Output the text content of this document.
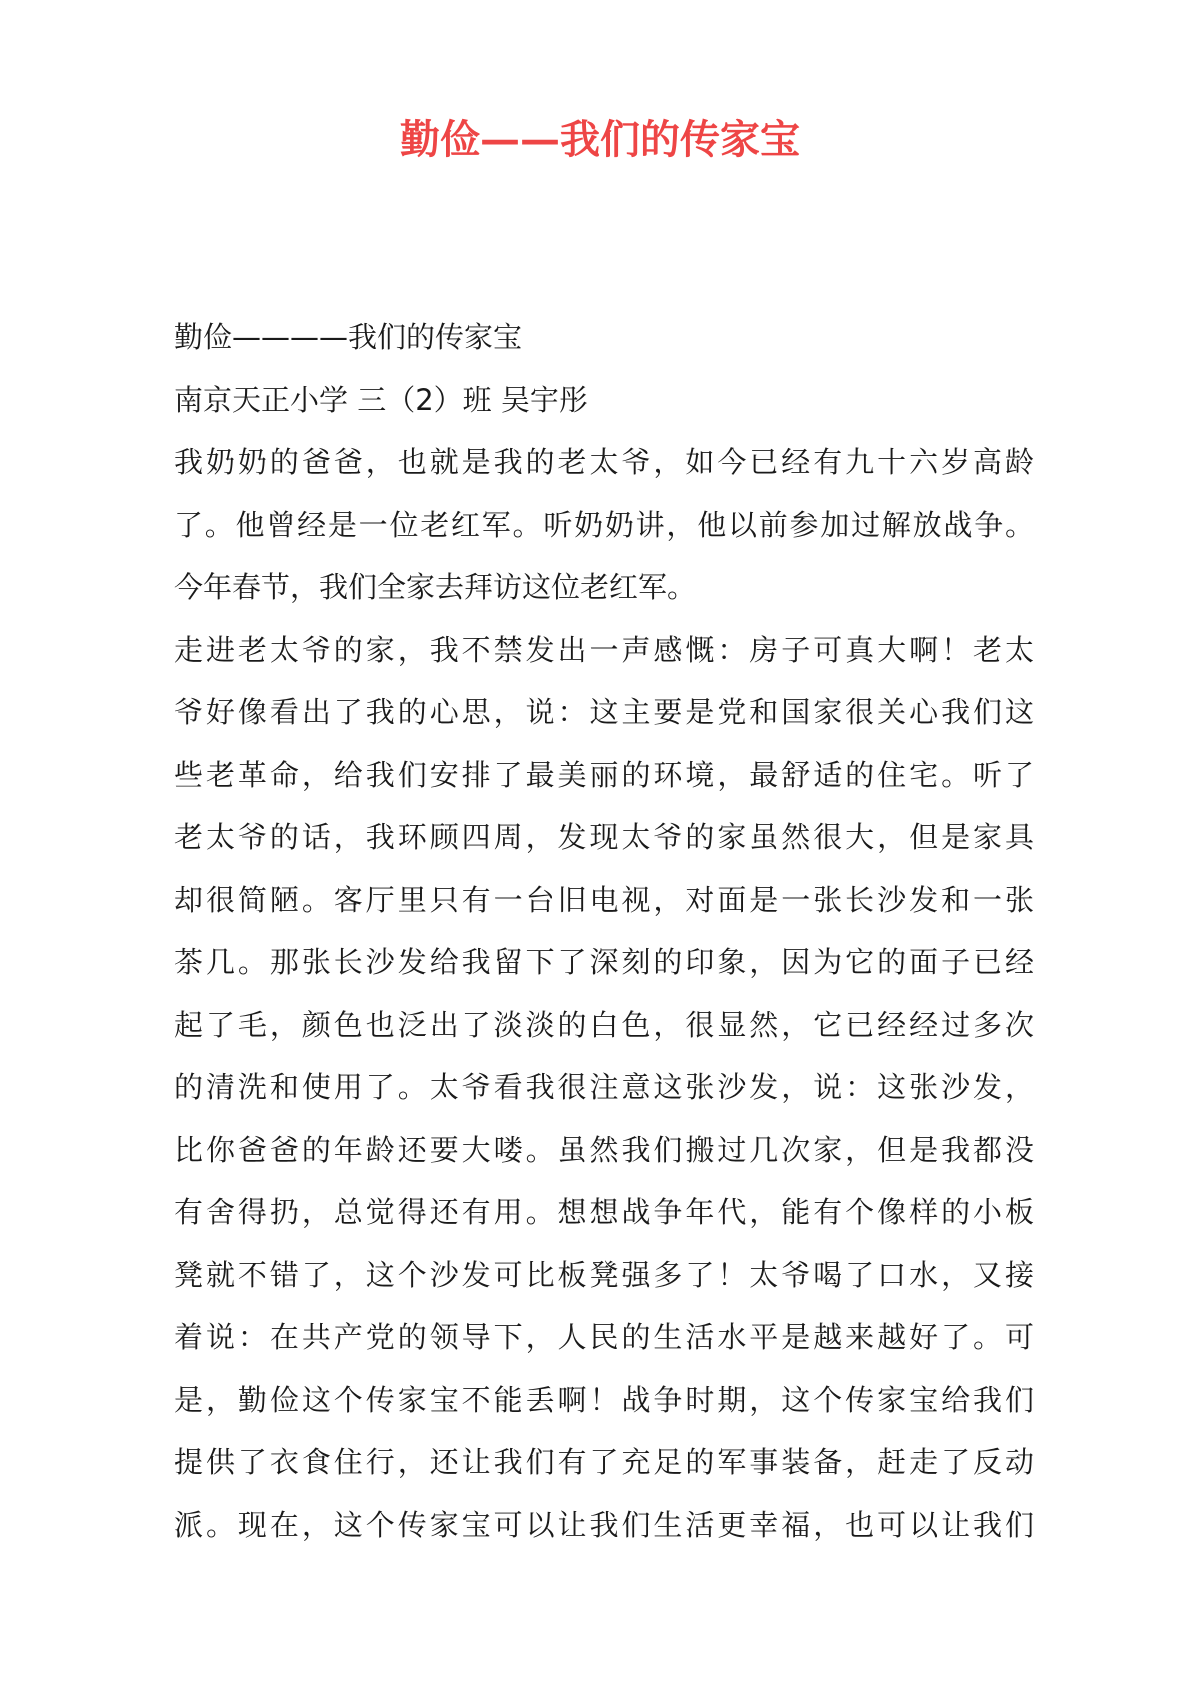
勤俭——我们的传家宝
勤俭————我们的传家宝
南京天正小学 三（2）班 吴宇彤
我奶奶的爸爸，也就是我的老太爷，如今已经有九十六岁高龄
了。他曾经是一位老红军。听奶奶讲，他以前参加过解放战争。
今年春节，我们全家去拜访这位老红军。
走进老太爷的家，我不禁发出一声感慨：房子可真大啊！老太
爷好像看出了我的心思，说：这主要是党和国家很关心我们这
些老革命，给我们安排了最美丽的环境，最舒适的住宅。听了
老太爷的话，我环顾四周，发现太爷的家虽然很大，但是家具
却很简陋。客厅里只有一台旧电视，对面是一张长沙发和一张
茶几。那张长沙发给我留下了深刻的印象，因为它的面子已经
起了毛，颜色也泛出了淡淡的白色，很显然，它已经经过多次
的清洗和使用了。太爷看我很注意这张沙发，说：这张沙发，
比你爸爸的年龄还要大喽。虽然我们搬过几次家，但是我都没
有舍得扔，总觉得还有用。想想战争年代，能有个像样的小板
凳就不错了，这个沙发可比板凳强多了！太爷喝了口水，又接
着说：在共产党的领导下，人民的生活水平是越来越好了。可
是，勤俭这个传家宝不能丢啊！战争时期，这个传家宝给我们
提供了衣食住行，还让我们有了充足的军事装备，赶走了反动
派。现在，这个传家宝可以让我们生活更幸福，也可以让我们
